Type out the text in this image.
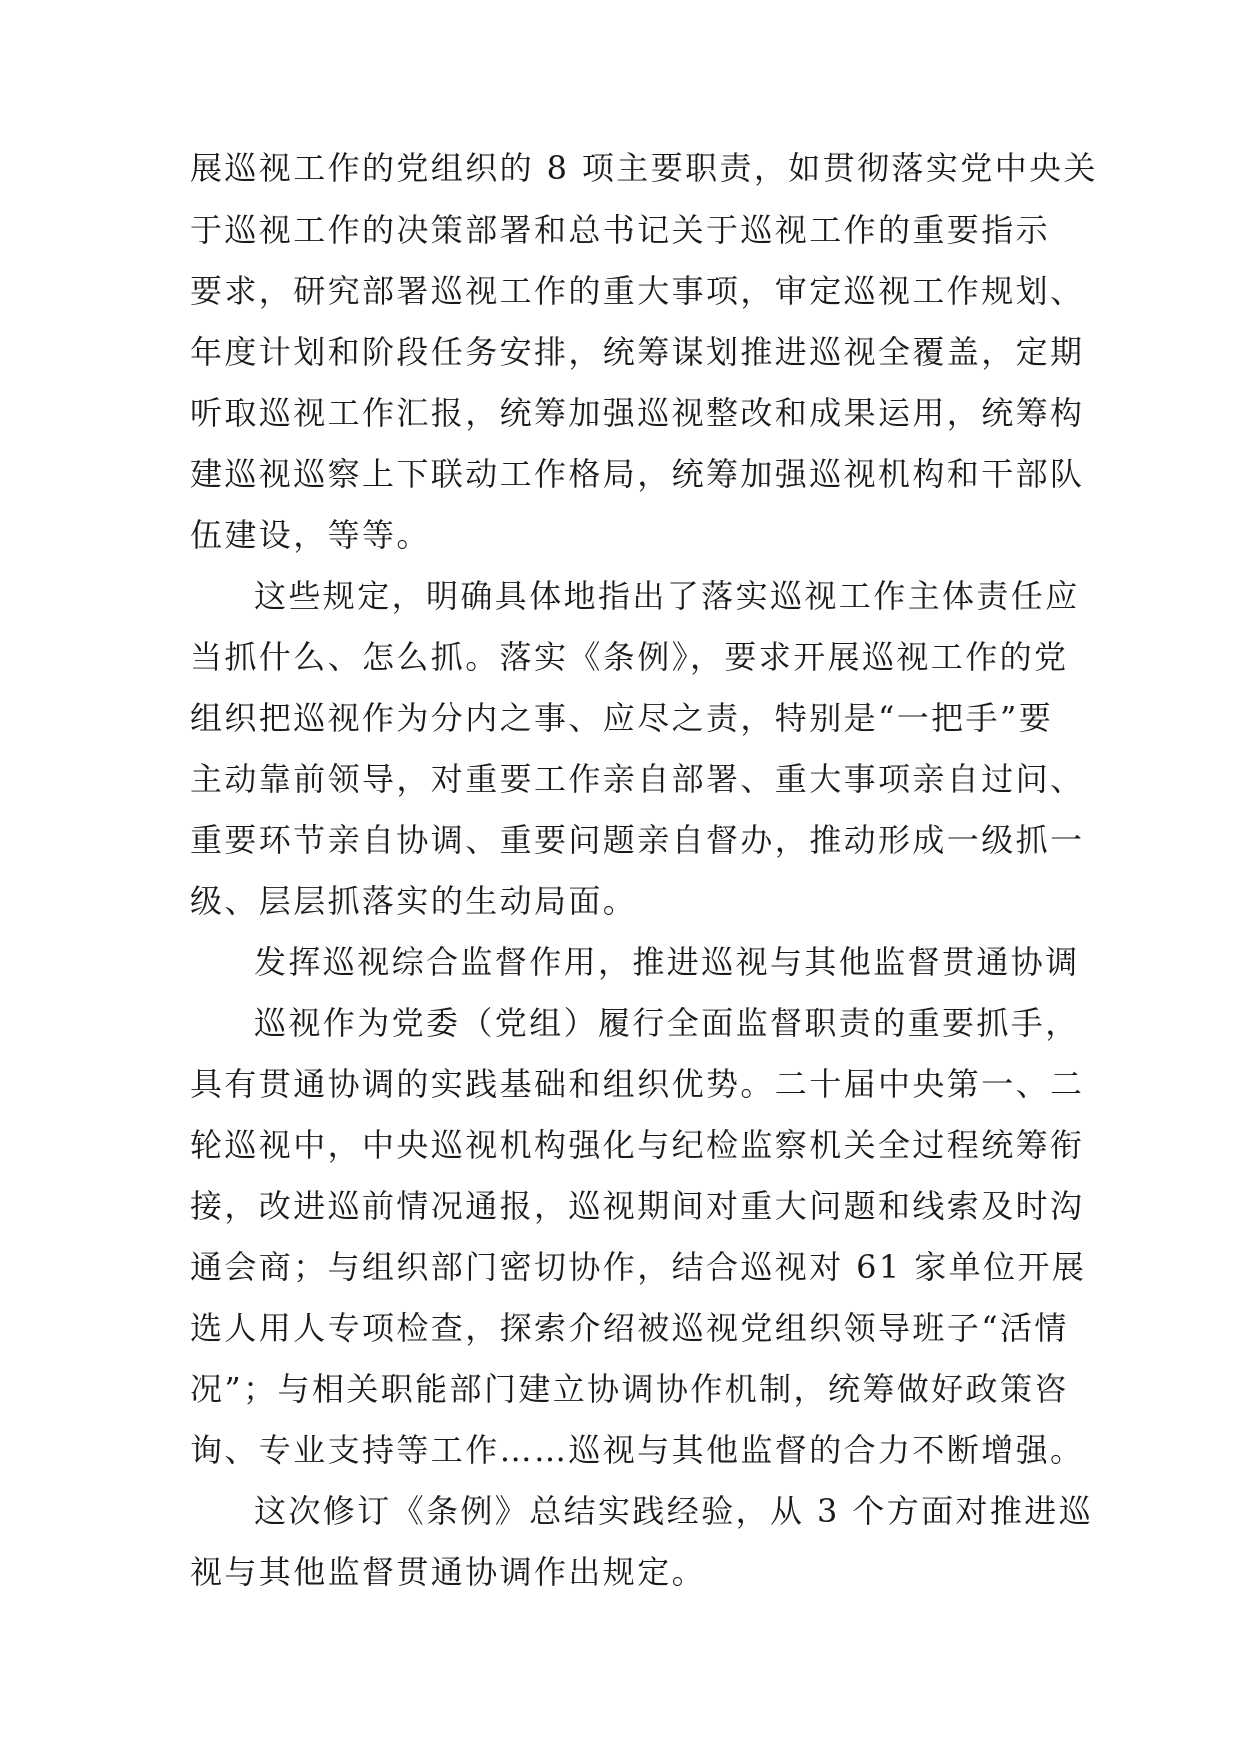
展巡视工作的党组织的 8 项主要职责，如贯彻落实党中央关
于巡视工作的决策部署和总书记关于巡视工作的重要指示
要求，研究部署巡视工作的重大事项，审定巡视工作规划、
年度计划和阶段任务安排，统筹谋划推进巡视全覆盖，定期
听取巡视工作汇报，统筹加强巡视整改和成果运用，统筹构
建巡视巡察上下联动工作格局，统筹加强巡视机构和干部队
伍建设，等等。
这些规定，明确具体地指出了落实巡视工作主体责任应
当抓什么、怎么抓。落实《条例》，要求开展巡视工作的党
组织把巡视作为分内之事、应尽之责，特别是“一把手”要
主动靠前领导，对重要工作亲自部署、重大事项亲自过问、
重要环节亲自协调、重要问题亲自督办，推动形成一级抓一
级、层层抓落实的生动局面。
发挥巡视综合监督作用，推进巡视与其他监督贯通协调
巡视作为党委（党组）履行全面监督职责的重要抓手，
具有贯通协调的实践基础和组织优势。二十届中央第一、二
轮巡视中，中央巡视机构强化与纪检监察机关全过程统筹衔
接，改进巡前情况通报，巡视期间对重大问题和线索及时沟
通会商；与组织部门密切协作，结合巡视对 61 家单位开展
选人用人专项检查，探索介绍被巡视党组织领导班子“活情
况”；与相关职能部门建立协调协作机制，统筹做好政策咨
询、专业支持等工作……巡视与其他监督的合力不断增强。
这次修订《条例》总结实践经验，从 3 个方面对推进巡
视与其他监督贯通协调作出规定。
